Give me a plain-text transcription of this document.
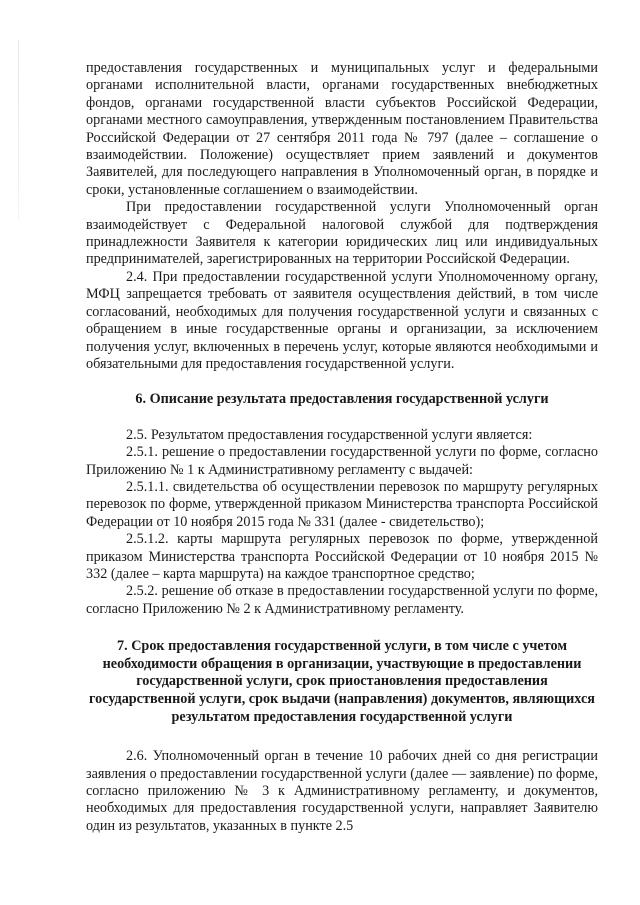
предоставления государственных и муниципальных услуг и федеральными органами исполнительной власти, органами государственных внебюджетных фондов, органами государственной власти субъектов Российской Федерации, органами местного самоуправления, утвержденным постановлением Правительства Российской Федерации от 27 сентября 2011 года № 797 (далее – соглашение о взаимодействии. Положение) осуществляет прием заявлений и документов Заявителей, для последующего направления в Уполномоченный орган, в порядке и сроки, установленные соглашением о взаимодействии.

При предоставлении государственной услуги Уполномоченный орган взаимодействует с Федеральной налоговой службой для подтверждения принадлежности Заявителя к категории юридических лиц или индивидуальных предпринимателей, зарегистрированных на территории Российской Федерации.

2.4. При предоставлении государственной услуги Уполномоченному органу, МФЦ запрещается требовать от заявителя осуществления действий, в том числе согласований, необходимых для получения государственной услуги и связанных с обращением в иные государственные органы и организации, за исключением получения услуг, включенных в перечень услуг, которые являются необходимыми и обязательными для предоставления государственной услуги.

6. Описание результата предоставления государственной услуги

2.5. Результатом предоставления государственной услуги является:

2.5.1. решение о предоставлении государственной услуги по форме, согласно Приложению № 1 к Административному регламенту с выдачей:

2.5.1.1. свидетельства об осуществлении перевозок по маршруту регулярных перевозок по форме, утвержденной приказом Министерства транспорта Российской Федерации от 10 ноября 2015 года № 331 (далее - свидетельство);

2.5.1.2. карты маршрута регулярных перевозок по форме, утвержденной приказом Министерства транспорта Российской Федерации от 10 ноября 2015 № 332 (далее – карта маршрута) на каждое транспортное средство;

2.5.2. решение об отказе в предоставлении государственной услуги по форме, согласно Приложению № 2 к Административному регламенту.

7. Срок предоставления государственной услуги, в том числе с учетом необходимости обращения в организации, участвующие в предоставлении государственной услуги, срок приостановления предоставления государственной услуги, срок выдачи (направления) документов, являющихся результатом предоставления государственной услуги

2.6. Уполномоченный орган в течение 10 рабочих дней со дня регистрации заявления о предоставлении государственной услуги (далее — заявление) по форме, согласно приложению № 3 к Административному регламенту, и документов, необходимых для предоставления государственной услуги, направляет Заявителю один из результатов, указанных в пункте 2.5
